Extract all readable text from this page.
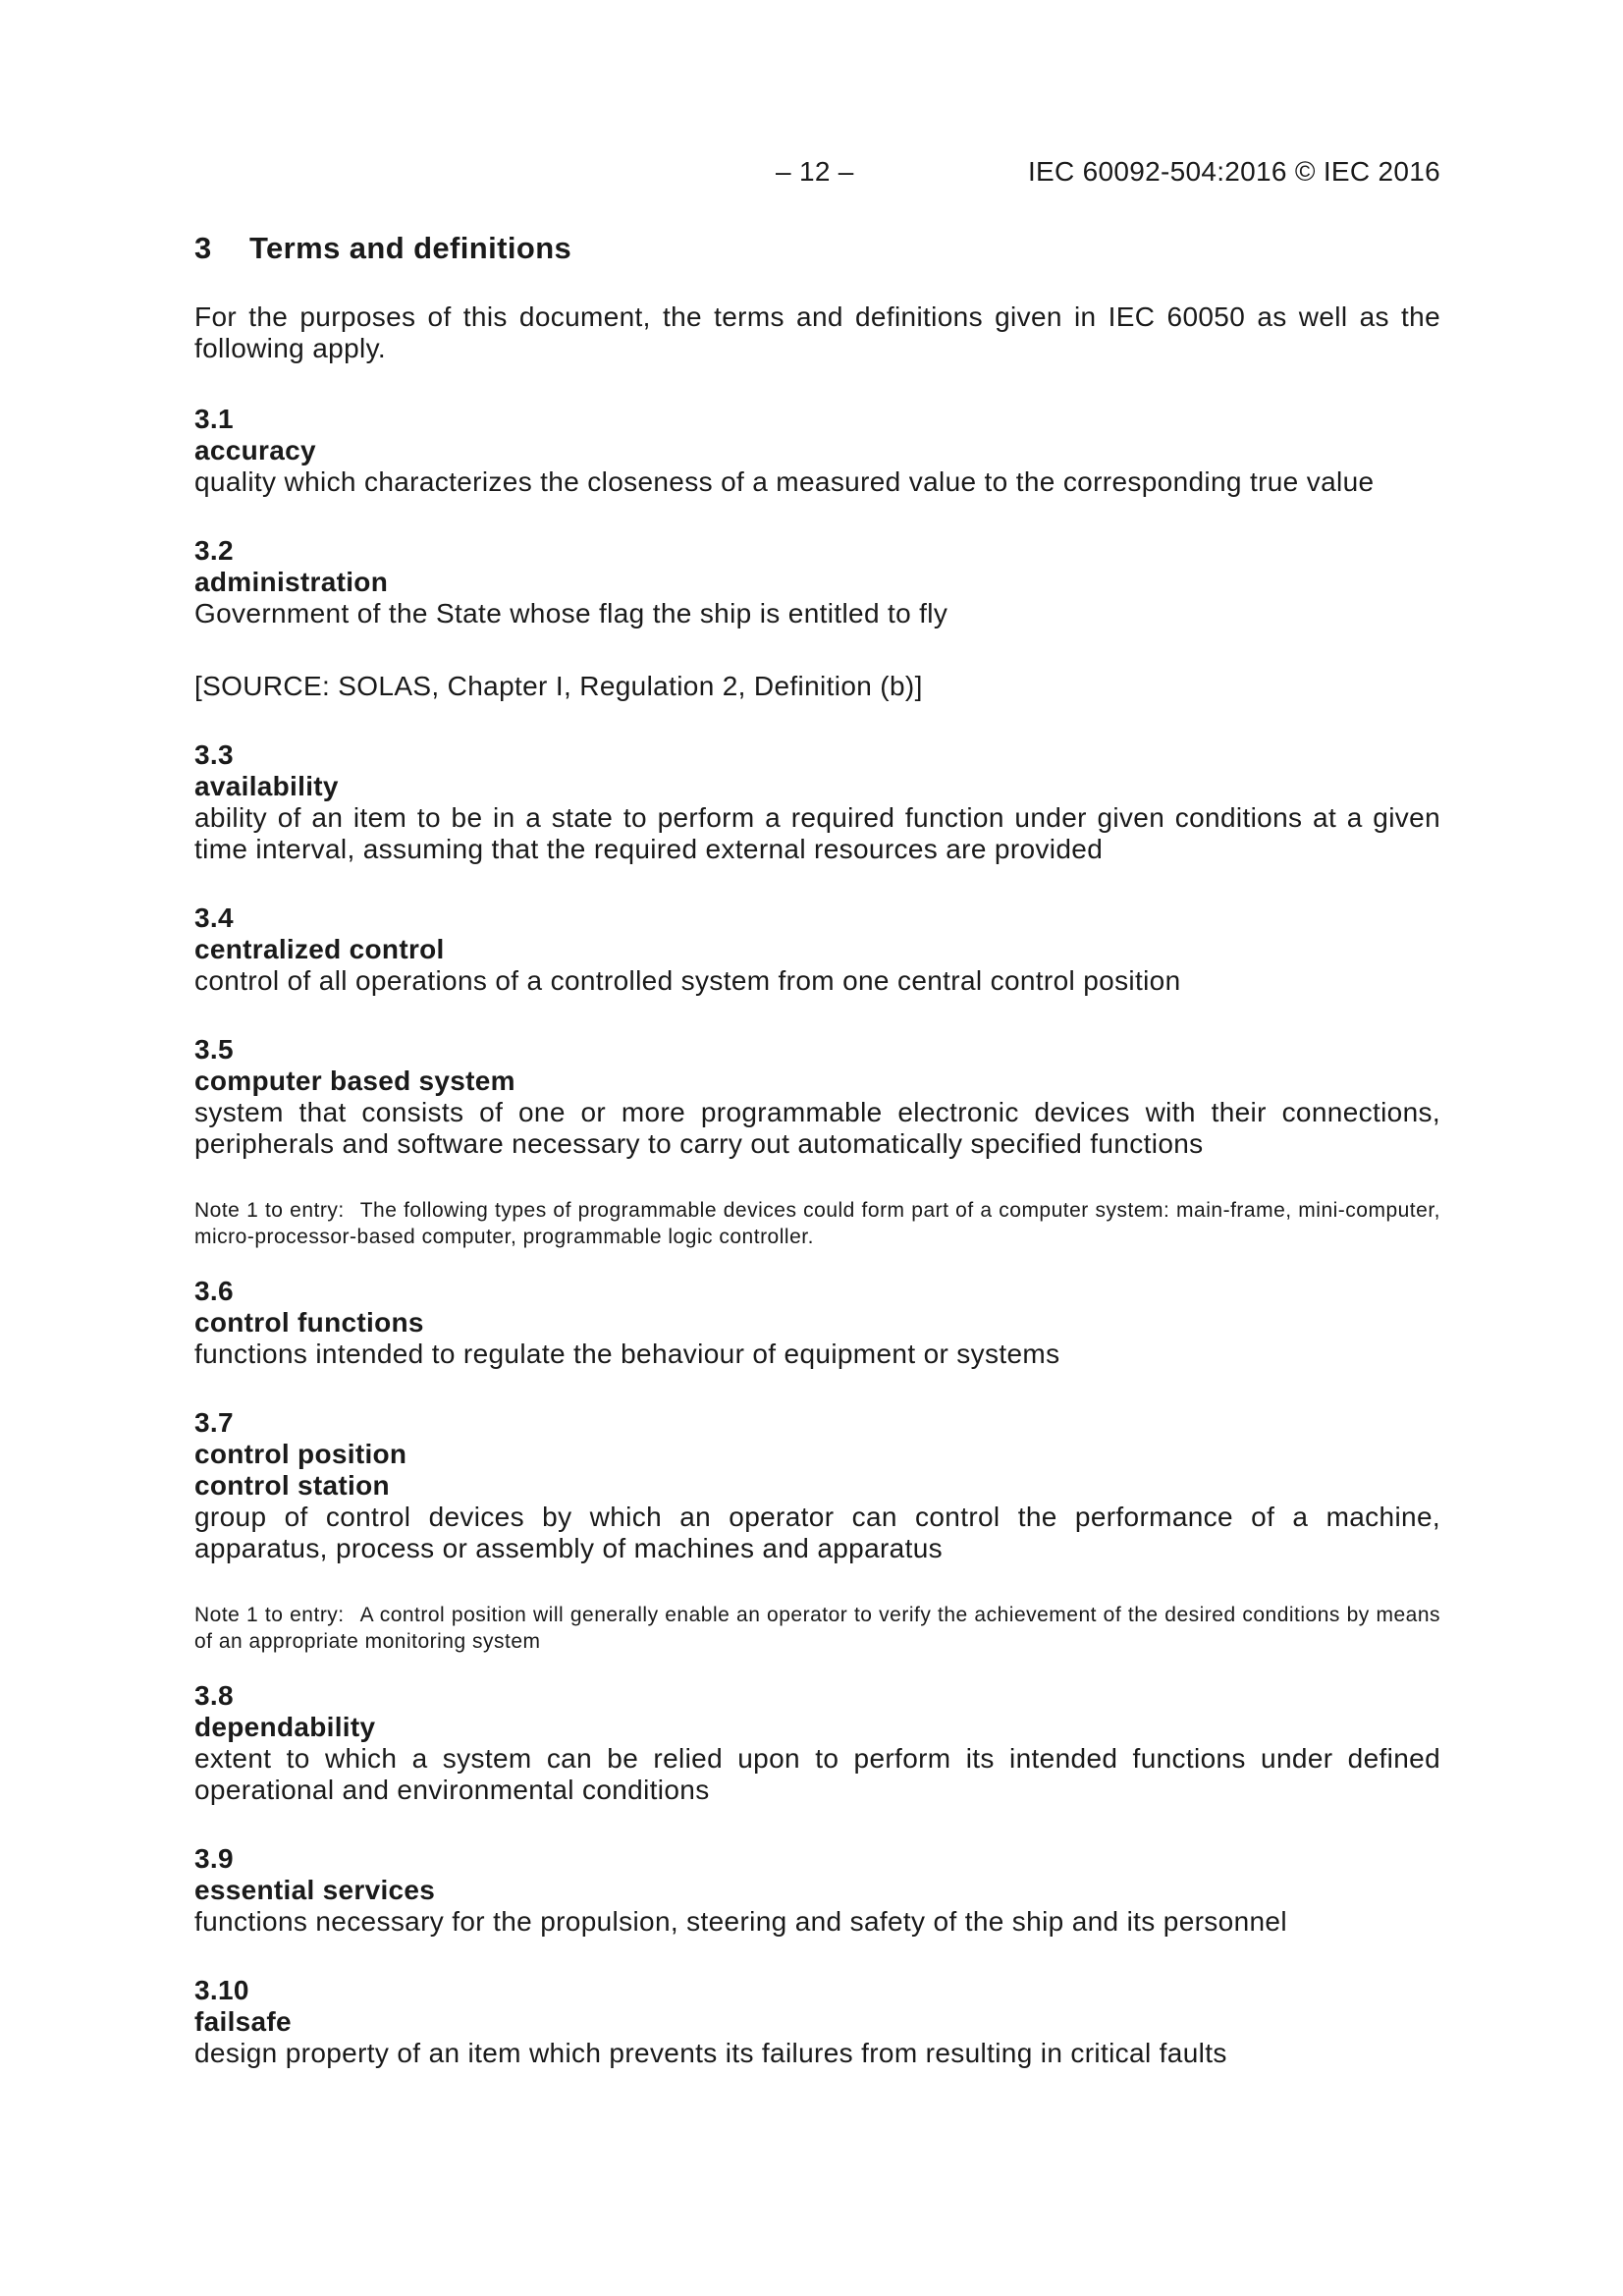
– 12 –	IEC 60092-504:2016 © IEC 2016
3 Terms and definitions

For the purposes of this document, the terms and definitions given in IEC 60050 as well as the following apply.

3.1
accuracy
quality which characterizes the closeness of a measured value to the corresponding true value
3.2
administration
Government of the State whose flag the ship is entitled to fly
[SOURCE: SOLAS, Chapter I, Regulation 2, Definition (b)]
3.3
availability
ability of an item to be in a state to perform a required function under given conditions at a given time interval, assuming that the required external resources are provided
3.4
centralized control
control of all operations of a controlled system from one central control position
3.5
computer based system
system that consists of one or more programmable electronic devices with their connections, peripherals and software necessary to carry out automatically specified functions
Note 1 to entry: The following types of programmable devices could form part of a computer system: main-frame, mini-computer, micro-processor-based computer, programmable logic controller.
3.6
control functions
functions intended to regulate the behaviour of equipment or systems
3.7
control position
control station
group of control devices by which an operator can control the performance of a machine, apparatus, process or assembly of machines and apparatus
Note 1 to entry: A control position will generally enable an operator to verify the achievement of the desired conditions by means of an appropriate monitoring system
3.8
dependability
extent to which a system can be relied upon to perform its intended functions under defined operational and environmental conditions
3.9
essential services
functions necessary for the propulsion, steering and safety of the ship and its personnel
3.10
failsafe
design property of an item which prevents its failures from resulting in critical faults
